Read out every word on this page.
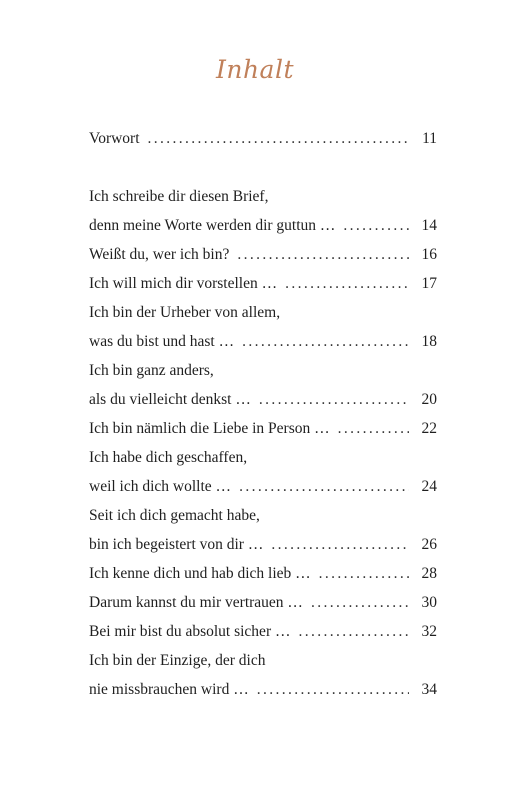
Inhalt
Vorwort . . .	11
Ich schreibe dir diesen Brief,
denn meine Worte werden dir guttun … . . .	14
Weißt du, wer ich bin? . . .	16
Ich will mich dir vorstellen … . . .	17
Ich bin der Urheber von allem,
was du bist und hast … . . .	18
Ich bin ganz anders,
als du vielleicht denkst … . . .	20
Ich bin nämlich die Liebe in Person … . . .	22
Ich habe dich geschaffen,
weil ich dich wollte … . . .	24
Seit ich dich gemacht habe,
bin ich begeistert von dir … . . .	26
Ich kenne dich und hab dich lieb … . . .	28
Darum kannst du mir vertrauen … . . .	30
Bei mir bist du absolut sicher … . . .	32
Ich bin der Einzige, der dich
nie missbrauchen wird … . . .	34
